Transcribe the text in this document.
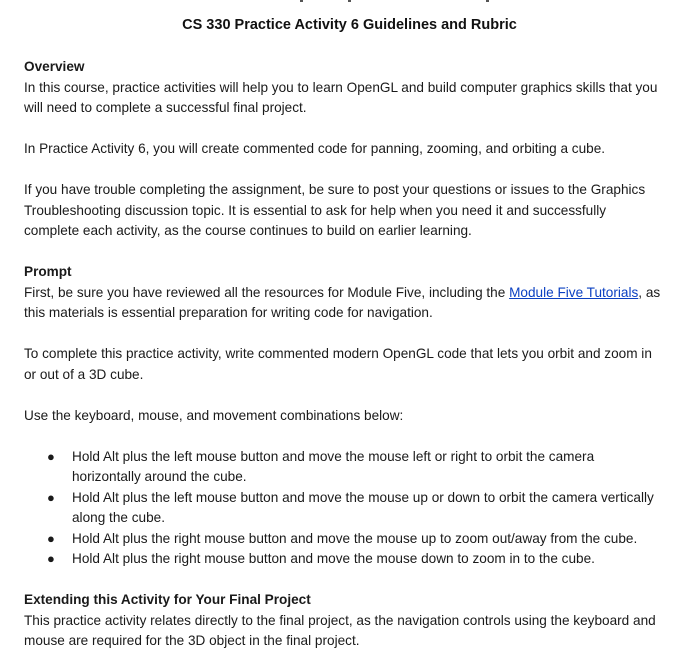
CS 330 Practice Activity 6 Guidelines and Rubric
Overview

In this course, practice activities will help you to learn OpenGL and build computer graphics skills that you will need to complete a successful final project.

In Practice Activity 6, you will create commented code for panning, zooming, and orbiting a cube.

If you have trouble completing the assignment, be sure to post your questions or issues to the Graphics Troubleshooting discussion topic. It is essential to ask for help when you need it and successfully complete each activity, as the course continues to build on earlier learning.

Prompt

First, be sure you have reviewed all the resources for Module Five, including the Module Five Tutorials, as this materials is essential preparation for writing code for navigation.

To complete this practice activity, write commented modern OpenGL code that lets you orbit and zoom in or out of a 3D cube.

Use the keyboard, mouse, and movement combinations below:

● Hold Alt plus the left mouse button and move the mouse left or right to orbit the camera horizontally around the cube.
● Hold Alt plus the left mouse button and move the mouse up or down to orbit the camera vertically along the cube.
● Hold Alt plus the right mouse button and move the mouse up to zoom out/away from the cube.
● Hold Alt plus the right mouse button and move the mouse down to zoom in to the cube.
Extending this Activity for Your Final Project

This practice activity relates directly to the final project, as the navigation controls using the keyboard and mouse are required for the 3D object in the final project.
